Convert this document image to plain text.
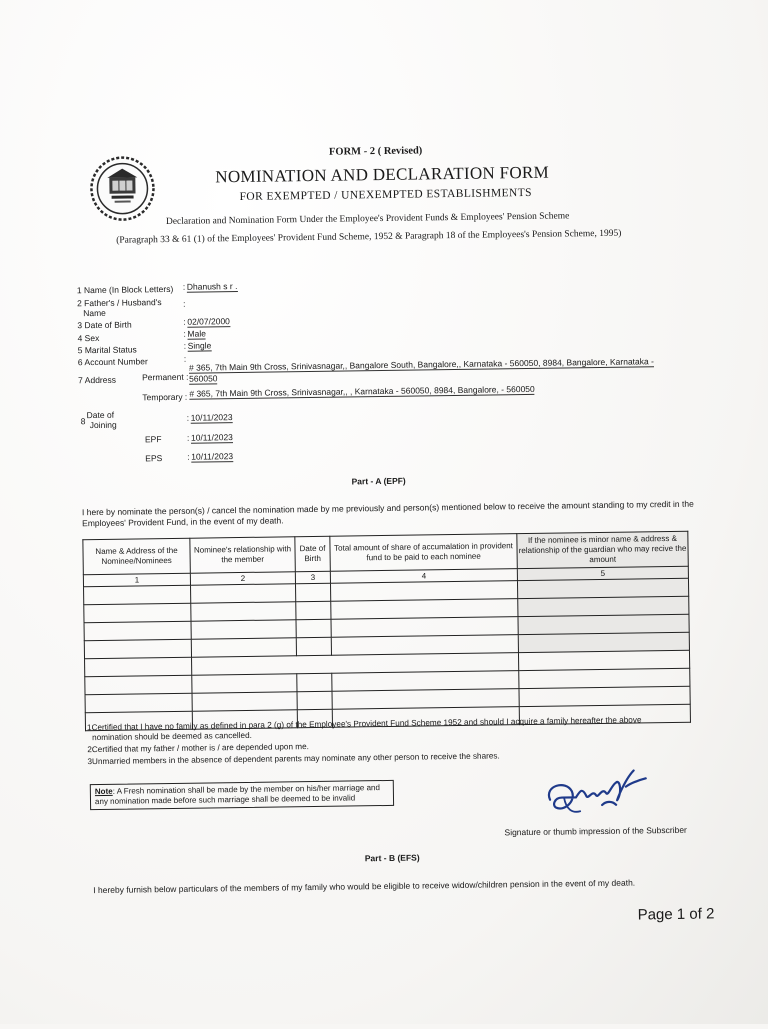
FORM - 2 ( Revised)
NOMINATION AND DECLARATION FORM
FOR EXEMPTED / UNEXEMPTED ESTABLISHMENTS
Declaration and Nomination Form Under the Employee's Provident Funds & Employees' Pension Scheme
(Paragraph 33 & 61 (1) of the Employees' Provident Fund Scheme, 1952 & Paragraph 18 of the Employees's Pension Scheme, 1995)
1 Name (In Block Letters) : Dhanush s r .
2 Father's / Husband's
Name
:
3 Date of Birth	: 02/07/2000
4 Sex	: Male
5 Marital Status	: Single
6 Account Number	:
7 Address	Permanent :
# 365, 7th Main 9th Cross, Srinivasnagar,, Bangalore South, Bangalore,, Karnataka - 560050, 8984, Bangalore, Karnataka -
560050
Temporary : # 365, 7th Main 9th Cross, Srinivasnagar,, , Karnataka - 560050, 8984, Bangalore, - 560050
8
Date of
Joining
: 10/11/2023
EPF	: 10/11/2023
EPS	: 10/11/2023
Part - A (EPF)
I here by nominate the person(s) / cancel the nomination made by me previously and person(s) mentioned below to receive the amount standing to my credit in the Employees' Provident Fund, in the event of my death.
Name & Address of the Nominee/Nominees	Nominee's relationship with the member	Date of Birth	Total amount of share of accumalation in provident fund to be paid to each nominee	If the nominee is minor name & address & relationship of the guardian who may recive the amount
1	2	3	4	5

1Certified that I have no family as defined in para 2 (g) of the Employee's Provident Fund Scheme 1952 and should I acquire a family hereafter the above
nomination should be deemed as cancelled.
2Certified that my father / mother is / are depended upon me.
3Unmarried members in the absence of dependent parents may nominate any other person to receive the shares.
Note: A Fresh nomination shall be made by the member on his/her marriage and any nomination made before such marriage shall be deemed to be invalid
Signature or thumb impression of the Subscriber
Part - B (EFS)
I hereby furnish below particulars of the members of my family who would be eligible to receive widow/children pension in the event of my death.
Page 1 of 2
